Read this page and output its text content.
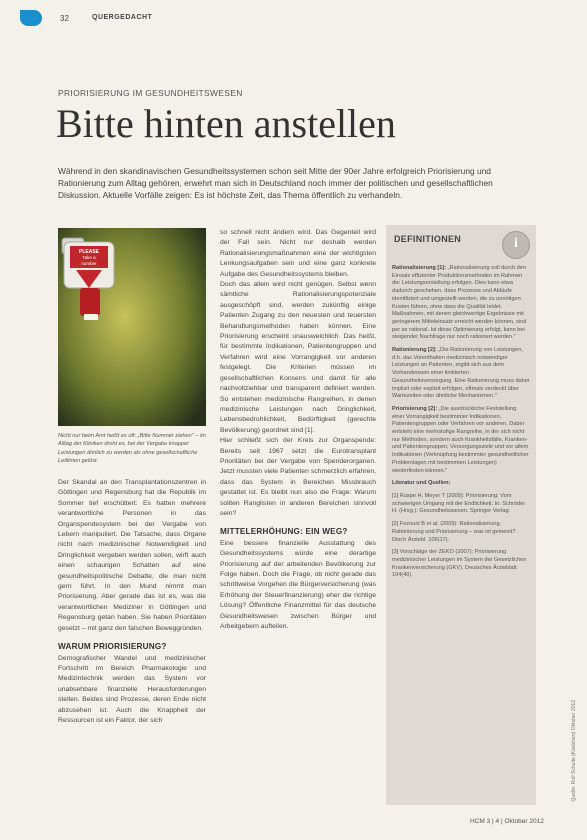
32	QUERGEDACHT
PRIORISIERUNG IM GESUNDHEITSWESEN
Bitte hinten anstellen
Während in den skandinavischen Gesundheitssystemen schon seit Mitte der 90er Jahre erfolgreich Priorisierung und Rationierung zum Alltag gehören, erwehrt man sich in Deutschland noch immer der politischen und gesellschaftlichen Diskussion. Aktuelle Vorfälle zeigen: Es ist höchste Zeit, das Thema öffentlich zu verhandeln.
PLEASE
Take a
number
Nicht nur beim Amt heißt es oft: „Bitte Nummer ziehen" – im Alltag der Kliniken droht es, bei der Vergabe knapper Leistungen ähnlich zu werden als ohne gesellschaftliche Leitlinien gelöst.

Der Skandal an den Transplantationszentren in Göttingen und Regensburg hat die Republik im Sommer tief erschüttert: Es hatten mehrere verantwortliche Personen in das Organspendesystem bei der Vergabe von Lebern manipuliert. Die Tatsache, dass Organe nicht nach medizinischer Notwendigkeit und Dringlichkeit vergeben werden sollen, wirft auch einen schaurigen Schatten auf eine gesundheitspolitische Debatte, die man nicht gern führt. In den Mund nimmt man Priorisierung. Aber gerade das ist es, was die verantwortlichen Mediziner in Göttingen und Regensburg getan haben. Sie haben Prioritäten gesetzt – mit ganz den falschen Beweggründen.

WARUM PRIORISIERUNG?

Demografischer Wandel und medizinischer Fortschritt im Bereich Pharmakologie und Medizintechnik werden das System vor unabsehbare finanzielle Herausforderungen stellen. Beides sind Prozesse, deren Ende nicht abzusehen ist. Auch die Knappheit der Ressourcen ist ein Faktor, der sich

so schnell nicht ändern wird. Das Gegenteil wird der Fall sein. Nicht nur deshalb werden Rationalisierungsmaßnahmen eine der wichtigsten Lenkungsaufgaben sein und eine ganz konkrete Aufgabe des Gesundheitssystems bleiben.

Doch das allein wird nicht genügen. Selbst wenn sämtliche Rationalisierungspotenziale ausgeschöpft sind, werden zukünftig einige Patienten Zugang zu den neuesten und teuersten Behandlungsmethoden haben können. Eine Priorisierung erscheint unausweichlich. Das heißt, für bestimmte Indikationen, Patientengruppen und Verfahren wird eine Vorrangigkeit vor anderen festgelegt. Die Kriterien müssen im gesellschaftlichen Konsens und damit für alle nachvollziehbar und transparent definiert werden. So entstehen medizinische Rangreihen, in denen medizinische Leistungen nach Dringlichkeit, Lebensbedrohlichkeit, Bedürftigkeit (gerechte Bevölkerung) geordnet sind [1].

Hier schließt sich der Kreis zur Organspende: Bereits seit 1967 setzt die Eurotransplant Prioritäten bei der Vergabe von Spenderorganen. Jetzt mussten viele Patienten schmerzlich erfahren, dass das System in Bereichen Missbrauch gestattet ist. Es bleibt nun also die Frage: Warum sollten Ranglisten in anderen Bereichen sinnvoll sein?

MITTELERHÖHUNG: EIN WEG?

Eine bessere finanzielle Ausstattung des Gesundheitssystems würde eine derartige Priorisierung auf der arbeitenden Bevölkerung zur Folge haben. Doch die Frage, ob nicht gerade das schrittweise Vorgehen die Bürgerversicherung (was Erhöhung der Steuerfinanzierung) eher die richtige Lösung? Öffentliche Finanzmittel für das deutsche Gesundheitswesen zwischen Bürger und Arbeitgebern aufteilen.

DEFINITIONEN	i

Rationalisierung [1]: „Rationalisierung soll durch den Einsatz effizienter Produktionsmethoden im Rahmen der Leistungserstellung erfolgen. Dies kann etwa dadurch geschehen, dass Prozesse und Abläufe identifiziert und umgestellt werden, die zu unnötigen Kosten führen, ohne dass die Qualität leidet. Maßnahmen, mit denen gleichwertige Ergebnisse mit geringerem Mitteleinsatz erreicht werden können, sind per se rational. Ist diese Optimierung erfolgt, kann bei steigender Nachfrage nur noch rationiert werden."

Rationierung [2]: „Die Rationierung von Leistungen, d.h. das Vorenthalten medizinisch notwendiger Leistungen an Patienten, ergibt sich aus dem Vorhandensein einer limitierten Gesundheitsversorgung. Eine Rationierung muss daher implizit oder explizit erfolgen, oftmals verdeckt über Wartezeiten oder ähnliche Mechanismen."

Priorisierung [2]: „Die ausdrückliche Feststellung einer Vorrangigkeit bestimmter Indikationen, Patientengruppen oder Verfahren vor anderen. Dabei entsteht eine mehrstufige Rangreihe, in der sich nicht nur Methoden, sondern auch Krankheitsfälle, Kranken- und Patientengruppen, Versorgungsziele und vor allem Indikationen (Verknüpfung bestimmter gesundheitlicher Problemlagen mit bestimmten Leistungen) wiederfinden können."

Literatur und Quellen:

[1] Raspe H, Meyer T (2009): Priorisierung: Vom schwierigen Umgang mit der Endlichkeit. In: Schröder H. (Hrsg.): Gesundheitswesen. Springer Verlag.

[2] Fozouni B et al. (2009): Rationalisierung, Rationierung und Priorisierung – was ist gemeint? Dtsch Ärztebl. 106(17).

[3] Vorschläge der ZEKO (2007): Priorisierung medizinischer Leistungen im System der Gesetzlichen Krankenversicherung (GKV). Deutsches Ärzteblatt 104(40).

HCM 3 | 4 | Oktober 2012
Quelle: Rolf Schulte (Kästchen) Oktober 2012
